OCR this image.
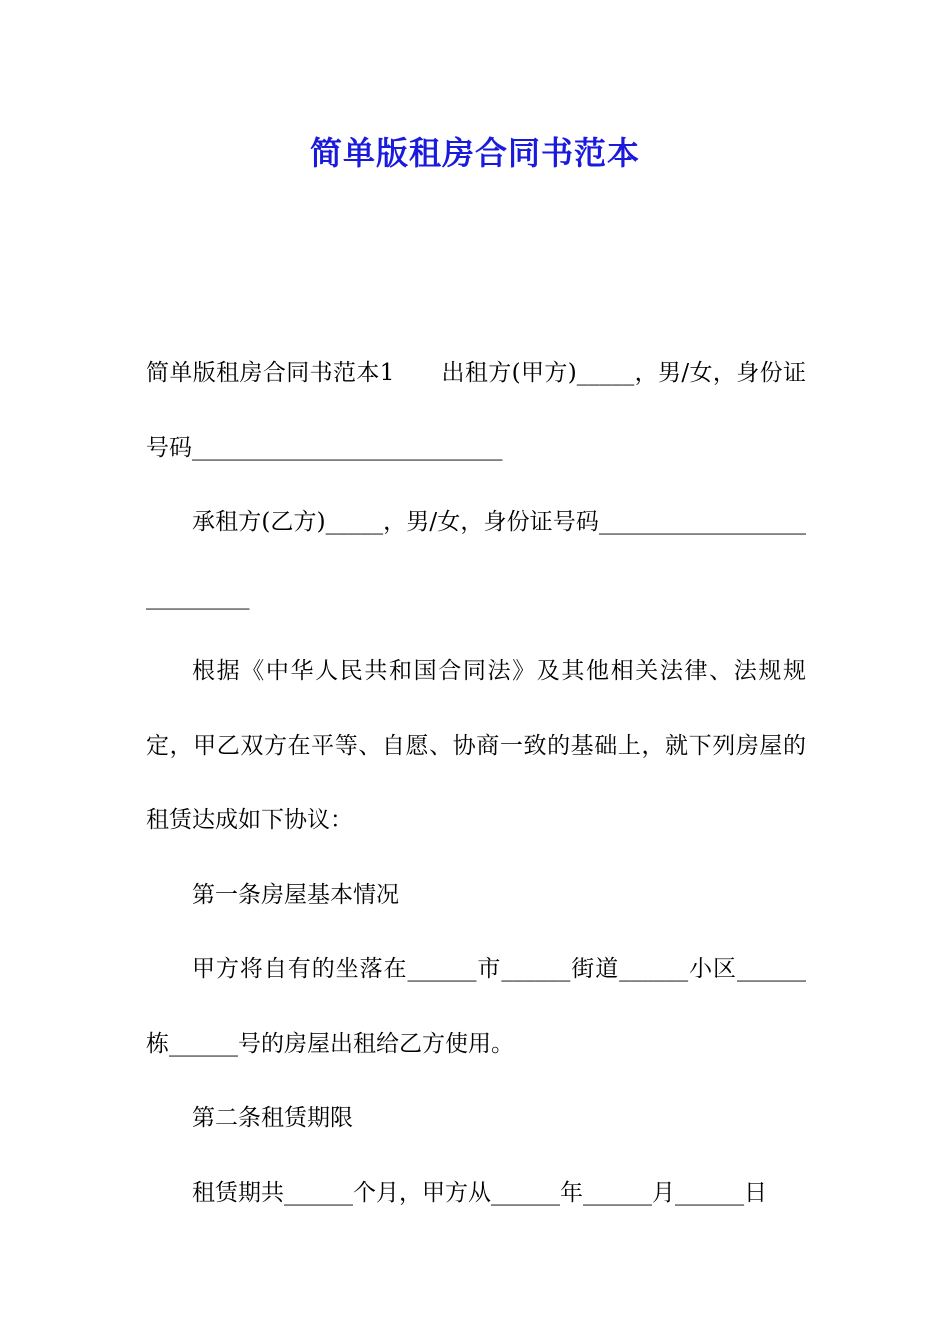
简单版租房合同书范本

简单版租房合同书范本1　　出租方(甲方)_____，男/女，身份证号码___________________________

承租方(乙方)_____，男/女，身份证号码___________________________

根据《中华人民共和国合同法》及其他相关法律、法规规定，甲乙双方在平等、自愿、协商一致的基础上，就下列房屋的租赁达成如下协议：

第一条房屋基本情况

甲方将自有的坐落在______市______街道______小区______栋______号的房屋出租给乙方使用。

第二条租赁期限

租赁期共______个月，甲方从______年______月______日
